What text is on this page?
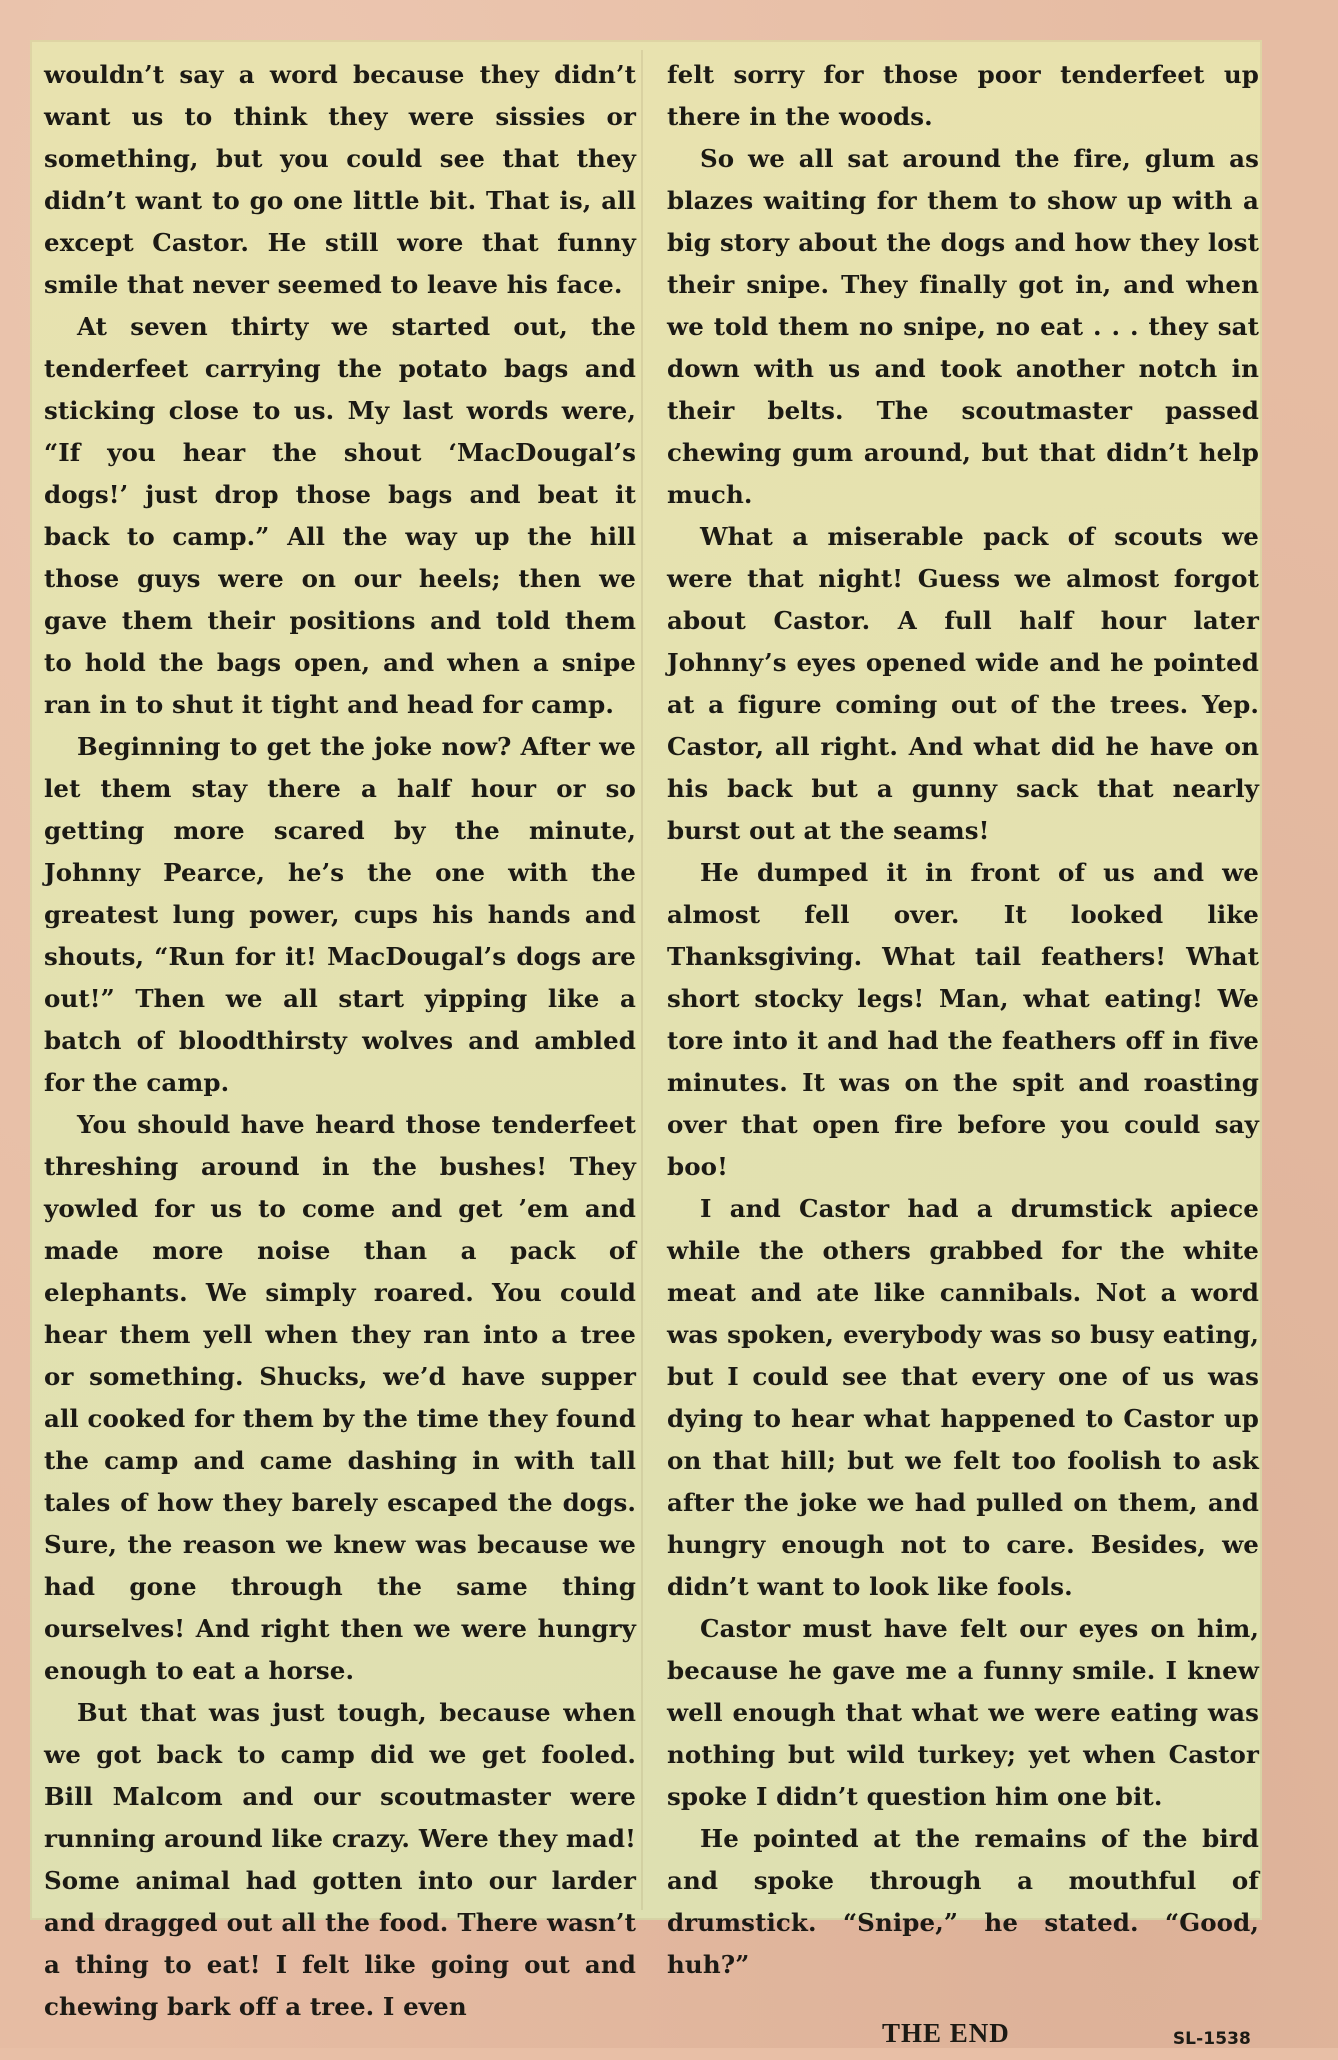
wouldn’t say a word because they didn’t want us to think they were sissies or something, but you could see that they didn’t want to go one little bit. That is, all except Castor. He still wore that funny smile that never seemed to leave his face.

At seven thirty we started out, the tenderfeet carrying the potato bags and sticking close to us. My last words were, “If you hear the shout ‘MacDougal’s dogs!’ just drop those bags and beat it back to camp.” All the way up the hill those guys were on our heels; then we gave them their positions and told them to hold the bags open, and when a snipe ran in to shut it tight and head for camp.

Beginning to get the joke now? After we let them stay there a half hour or so getting more scared by the minute, Johnny Pearce, he’s the one with the greatest lung power, cups his hands and shouts, “Run for it! MacDougal’s dogs are out!” Then we all start yipping like a batch of bloodthirsty wolves and ambled for the camp.

You should have heard those tenderfeet threshing around in the bushes! They yowled for us to come and get ’em and made more noise than a pack of elephants. We simply roared. You could hear them yell when they ran into a tree or something. Shucks, we’d have supper all cooked for them by the time they found the camp and came dashing in with tall tales of how they barely escaped the dogs. Sure, the reason we knew was because we had gone through the same thing ourselves! And right then we were hungry enough to eat a horse.

But that was just tough, because when we got back to camp did we get fooled. Bill Malcom and our scoutmaster were running around like crazy. Were they mad! Some animal had gotten into our larder and dragged out all the food. There wasn’t a thing to eat! I felt like going out and chewing bark off a tree. I even

felt sorry for those poor tenderfeet up there in the woods.

So we all sat around the fire, glum as blazes waiting for them to show up with a big story about the dogs and how they lost their snipe. They finally got in, and when we told them no snipe, no eat . . . they sat down with us and took another notch in their belts. The scoutmaster passed chewing gum around, but that didn’t help much.

What a miserable pack of scouts we were that night! Guess we almost forgot about Castor. A full half hour later Johnny’s eyes opened wide and he pointed at a figure coming out of the trees. Yep. Castor, all right. And what did he have on his back but a gunny sack that nearly burst out at the seams!

He dumped it in front of us and we almost fell over. It looked like Thanksgiving. What tail feathers! What short stocky legs! Man, what eating! We tore into it and had the feathers off in five minutes. It was on the spit and roasting over that open fire before you could say boo!

I and Castor had a drumstick apiece while the others grabbed for the white meat and ate like cannibals. Not a word was spoken, everybody was so busy eating, but I could see that every one of us was dying to hear what happened to Castor up on that hill; but we felt too foolish to ask after the joke we had pulled on them, and hungry enough not to care. Besides, we didn’t want to look like fools.

Castor must have felt our eyes on him, because he gave me a funny smile. I knew well enough that what we were eating was nothing but wild turkey; yet when Castor spoke I didn’t question him one bit.

He pointed at the remains of the bird and spoke through a mouthful of drumstick. “Snipe,” he stated. “Good, huh?”

THE END	SL-1538
